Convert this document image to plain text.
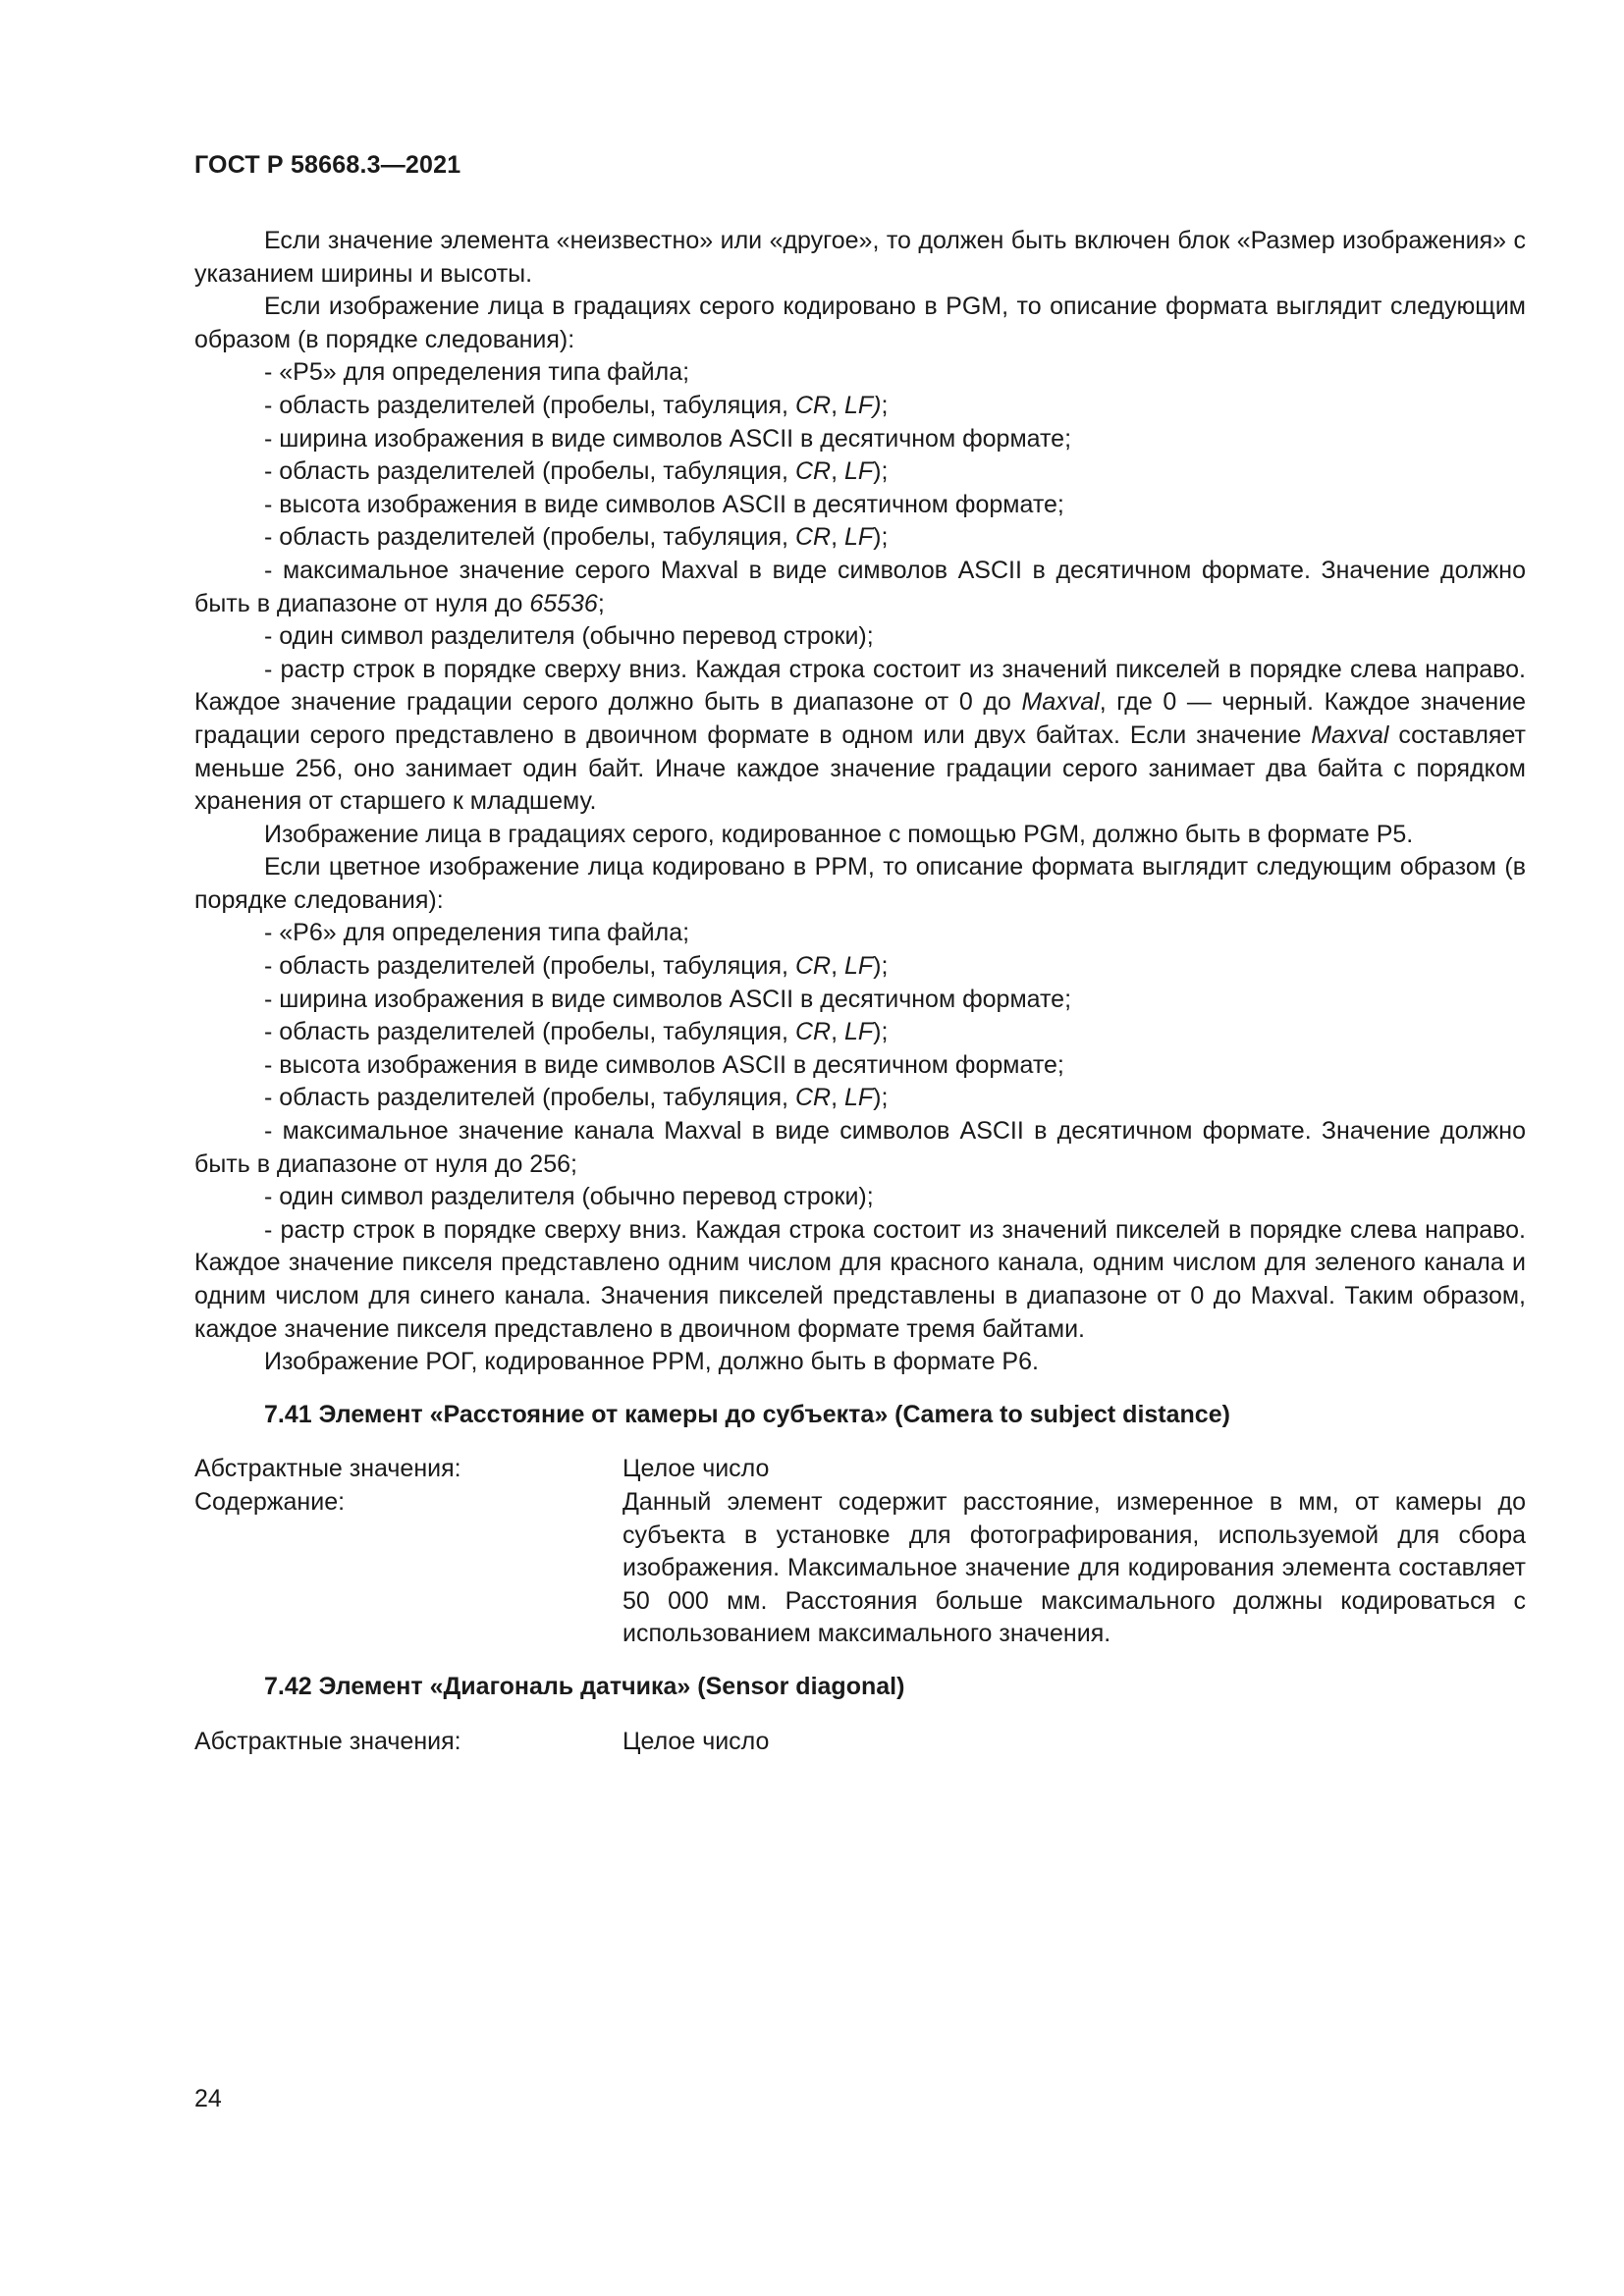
ГОСТ Р 58668.3—2021

Если значение элемента «неизвестно» или «другое», то должен быть включен блок «Размер изображения» с указанием ширины и высоты.

Если изображение лица в градациях серого кодировано в PGM, то описание формата выглядит следующим образом (в порядке следования):

- «P5» для определения типа файла;

- область разделителей (пробелы, табуляция, CR, LF);

- ширина изображения в виде символов ASCII в десятичном формате;

- область разделителей (пробелы, табуляция, CR, LF);

- высота изображения в виде символов ASCII в десятичном формате;

- область разделителей (пробелы, табуляция, CR, LF);

- максимальное значение серого Maxval в виде символов ASCII в десятичном формате. Значение должно быть в диапазоне от нуля до 65536;

- один символ разделителя (обычно перевод строки);

- растр строк в порядке сверху вниз. Каждая строка состоит из значений пикселей в порядке слева направо. Каждое значение градации серого должно быть в диапазоне от 0 до Maxval, где 0 — черный. Каждое значение градации серого представлено в двоичном формате в одном или двух байтах. Если значение Maxval составляет меньше 256, оно занимает один байт. Иначе каждое значение градации серого занимает два байта с порядком хранения от старшего к младшему.

Изображение лица в градациях серого, кодированное с помощью PGM, должно быть в формате P5.

Если цветное изображение лица кодировано в PPM, то описание формата выглядит следующим образом (в порядке следования):

- «P6» для определения типа файла;

- область разделителей (пробелы, табуляция, CR, LF);

- ширина изображения в виде символов ASCII в десятичном формате;

- область разделителей (пробелы, табуляция, CR, LF);

- высота изображения в виде символов ASCII в десятичном формате;

- область разделителей (пробелы, табуляция, CR, LF);

- максимальное значение канала Maxval в виде символов ASCII в десятичном формате. Значение должно быть в диапазоне от нуля до 256;

- один символ разделителя (обычно перевод строки);

- растр строк в порядке сверху вниз. Каждая строка состоит из значений пикселей в порядке слева направо. Каждое значение пикселя представлено одним числом для красного канала, одним числом для зеленого канала и одним числом для синего канала. Значения пикселей представлены в диапазоне от 0 до Maxval. Таким образом, каждое значение пикселя представлено в двоичном формате тремя байтами.

Изображение РОГ, кодированное PPM, должно быть в формате P6.

7.41 Элемент «Расстояние от камеры до субъекта» (Camera to subject distance)
Абстрактные значения:	Целое число
Содержание:	Данный элемент содержит расстояние, измеренное в мм, от камеры до субъекта в установке для фотографирования, используемой для сбора изображения. Максимальное значение для кодирования элемента составляет 50 000 мм. Расстояния больше максимального должны кодироваться с использованием максимального значения.
7.42 Элемент «Диагональ датчика» (Sensor diagonal)
Абстрактные значения:	Целое число
24
